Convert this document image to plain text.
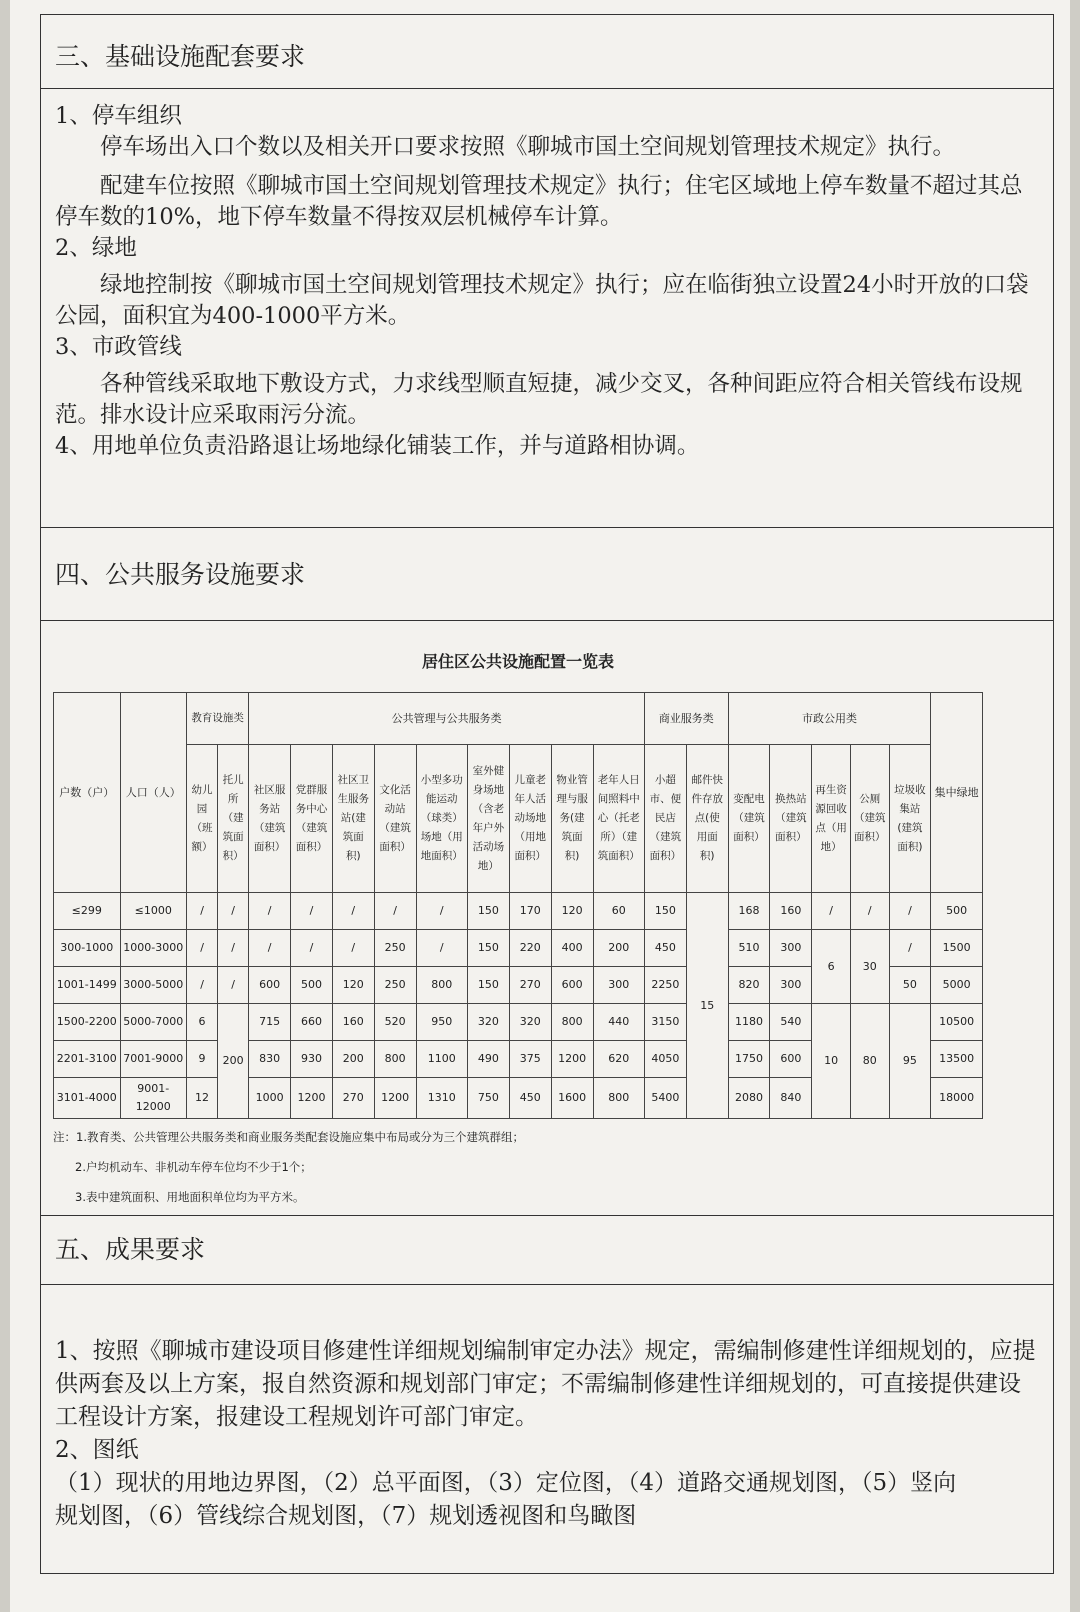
三、基础设施配套要求

1、停车组织

停车场出入口个数以及相关开口要求按照《聊城市国土空间规划管理技术规定》执行。

配建车位按照《聊城市国土空间规划管理技术规定》执行；住宅区域地上停车数量不超过其总停车数的10%，地下停车数量不得按双层机械停车计算。

2、绿地

绿地控制按《聊城市国土空间规划管理技术规定》执行；应在临街独立设置24小时开放的口袋公园，面积宜为400-1000平方米。

3、市政管线

各种管线采取地下敷设方式，力求线型顺直短捷，减少交叉，各种间距应符合相关管线布设规范。排水设计应采取雨污分流。

4、用地单位负责沿路退让场地绿化铺装工作，并与道路相协调。

四、公共服务设施要求
居住区公共设施配置一览表
户数（户）	人口（人）	教育设施类		公共管理与公共服务类									商业服务类		市政公用类					集中绿地
		幼儿园（班额）	托儿所（建筑面积）	社区服务站（建筑面积）	党群服务中心（建筑面积）	社区卫生服务站(建筑面积)	文化活动站（建筑面积）	小型多功能运动（球类）场地（用地面积）	室外健身场地（含老年户外活动场地）	儿童老年人活动场地（用地面积）	物业管理与服务(建筑面积)	老年人日间照料中心（托老所）（建筑面积）	小超市、便民店（建筑面积）	邮件快件存放点(使用面积)	变配电（建筑面积）	换热站（建筑面积）	再生资源回收点（用地）	公厕（建筑面积）	垃圾收集站(建筑面积)	
≤299	≤1000	/	/	/	/	/	/	/	150	170	120	60	150	15	168	160	/	/	/	500
300-1000	1000-3000	/	/	/	/	/	250	/	150	220	400	200	450		510	300	6	30	/	1500
1001-1499	3000-5000	/	/	600	500	120	250	800	150	270	600	300	2250		820	300			50	5000
1500-2200	5000-7000	6	200	715	660	160	520	950	320	320	800	440	3150		1180	540	10	80	95	10500
2201-3100	7001-9000	9		830	930	200	800	1100	490	375	1200	620	4050		1750	600				13500
3101-4000	9001-12000	12		1000	1200	270	1200	1310	750	450	1600	800	5400		2080	840				18000

注：1.教育类、公共管理公共服务类和商业服务类配套设施应集中布局或分为三个建筑群组；

2.户均机动车、非机动车停车位均不少于1个；

3.表中建筑面积、用地面积单位均为平方米。

五、成果要求

1、按照《聊城市建设项目修建性详细规划编制审定办法》规定，需编制修建性详细规划的，应提供两套及以上方案，报自然资源和规划部门审定；不需编制修建性详细规划的，可直接提供建设工程设计方案，报建设工程规划许可部门审定。

2、图纸

（1）现状的用地边界图，（2）总平面图，（3）定位图，（4）道路交通规划图，（5）竖向规划图，（6）管线综合规划图，（7）规划透视图和鸟瞰图
